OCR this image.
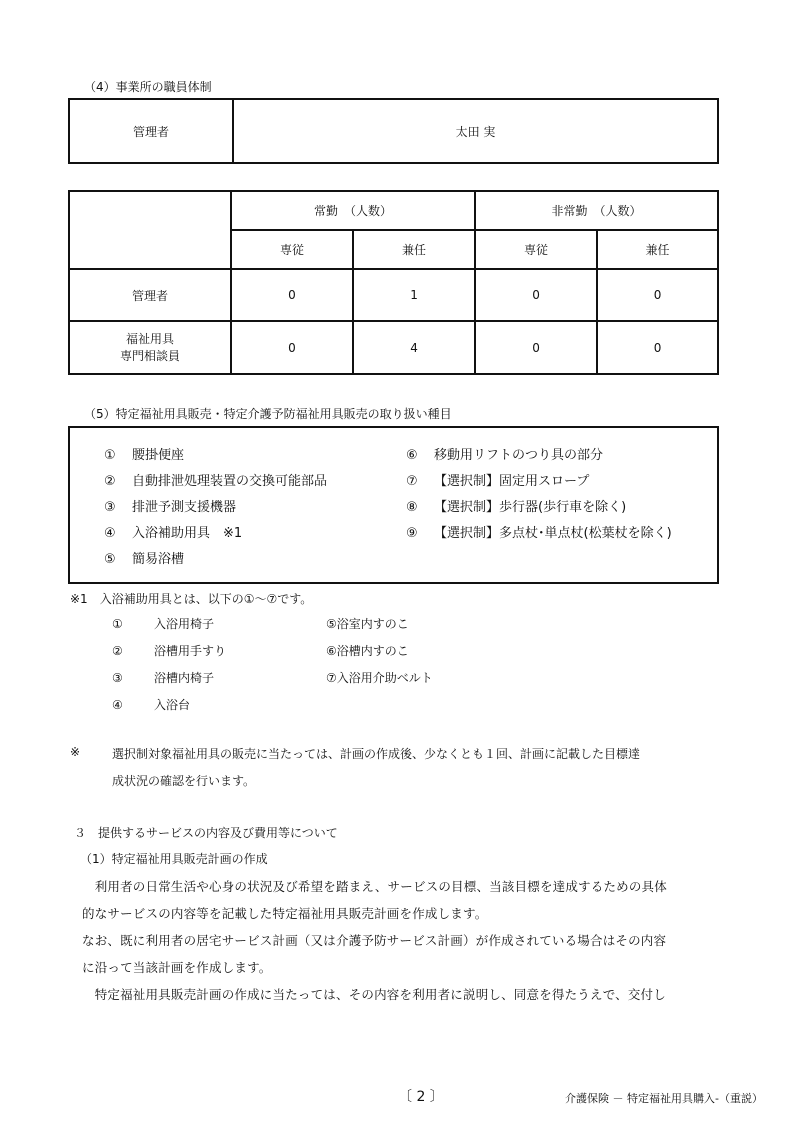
（4）事業所の職員体制
管理者	太田 実
	常勤　（人数）		非常勤　（人数）	
	専従	兼任	専従	兼任
管理者	0	1	0	0
福祉用具
専門相談員	0	4	0	0
（5）特定福祉用具販売・特定介護予防福祉用具販売の取り扱い種目
① 腰掛便座
② 自動排泄処理装置の交換可能部品
③ 排泄予測支援機器
④ 入浴補助用具　※1
⑤ 簡易浴槽
⑥ 移動用リフトのつり具の部分
⑦ 【選択制】固定用スロープ
⑧ 【選択制】歩行器(歩行車を除く)
⑨ 【選択制】多点杖･単点杖(松葉杖を除く)
※1　入浴補助用具とは、以下の①～⑦です。
①	入浴用椅子
②	浴槽用手すり
③	浴槽内椅子
④	入浴台
⑤浴室内すのこ
⑥浴槽内すのこ
⑦入浴用介助ベルト
※	選択制対象福祉用具の販売に当たっては、計画の作成後、少なくとも１回、計画に記載した目標達
成状況の確認を行います。
３　提供するサービスの内容及び費用等について
（1）特定福祉用具販売計画の作成
　利用者の日常生活や心身の状況及び希望を踏まえ、サービスの目標、当該目標を達成するための具体
的なサービスの内容等を記載した特定福祉用具販売計画を作成します。
なお、既に利用者の居宅サービス計画（又は介護予防サービス計画）が作成されている場合はその内容
に沿って当該計画を作成します。
　特定福祉用具販売計画の作成に当たっては、その内容を利用者に説明し、同意を得たうえで、交付し
〔 2 〕	介護保険 － 特定福祉用具購入-（重説）
